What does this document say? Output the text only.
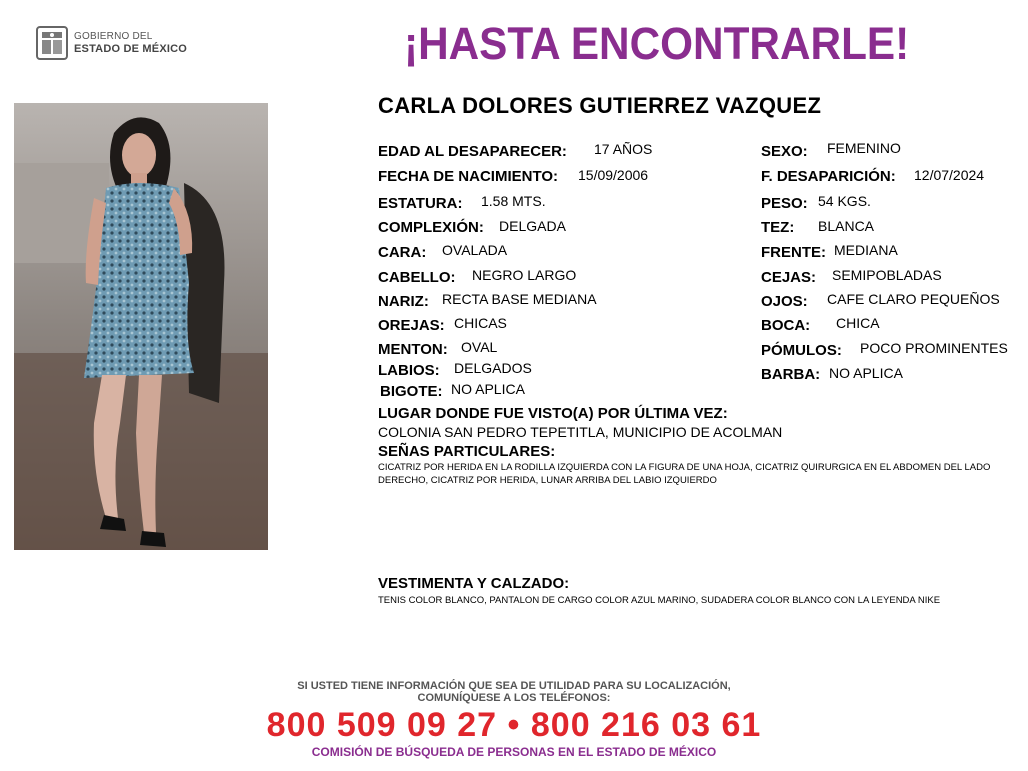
GOBIERNO DEL
ESTADO DE MÉXICO	¡HASTA ENCONTRARLE!
CARLA DOLORES GUTIERREZ VAZQUEZ
EDAD AL DESAPARECER: 17 AÑOS
FECHA DE NACIMIENTO: 15/09/2006
ESTATURA: 1.58 MTS.
COMPLEXIÓN: DELGADA
CARA: OVALADA
CABELLO: NEGRO LARGO
NARIZ: RECTA BASE MEDIANA
OREJAS: CHICAS
MENTON: OVAL
LABIOS: DELGADOS
BIGOTE: NO APLICA
SEXO: FEMENINO
F. DESAPARICIÓN: 12/07/2024
PESO: 54 KGS.
TEZ: BLANCA
FRENTE: MEDIANA
CEJAS: SEMIPOBLADAS
OJOS: CAFE CLARO PEQUEÑOS
BOCA: CHICA
PÓMULOS: POCO PROMINENTES
BARBA: NO APLICA
LUGAR DONDE FUE VISTO(A) POR ÚLTIMA VEZ:
COLONIA SAN PEDRO TEPETITLA, MUNICIPIO DE ACOLMAN
SEÑAS PARTICULARES:
CICATRIZ POR HERIDA EN LA RODILLA IZQUIERDA CON LA FIGURA DE UNA HOJA, CICATRIZ QUIRURGICA EN EL ABDOMEN DEL LADO DERECHO, CICATRIZ POR HERIDA, LUNAR ARRIBA DEL LABIO IZQUIERDO
VESTIMENTA Y CALZADO:
TENIS COLOR BLANCO, PANTALON DE CARGO COLOR AZUL MARINO, SUDADERA COLOR BLANCO CON LA LEYENDA NIKE
SI USTED TIENE INFORMACIÓN QUE SEA DE UTILIDAD PARA SU LOCALIZACIÓN,
COMUNÍQUESE A LOS TELÉFONOS:
800 509 09 27 • 800 216 03 61
COMISIÓN DE BÚSQUEDA DE PERSONAS EN EL ESTADO DE MÉXICO
